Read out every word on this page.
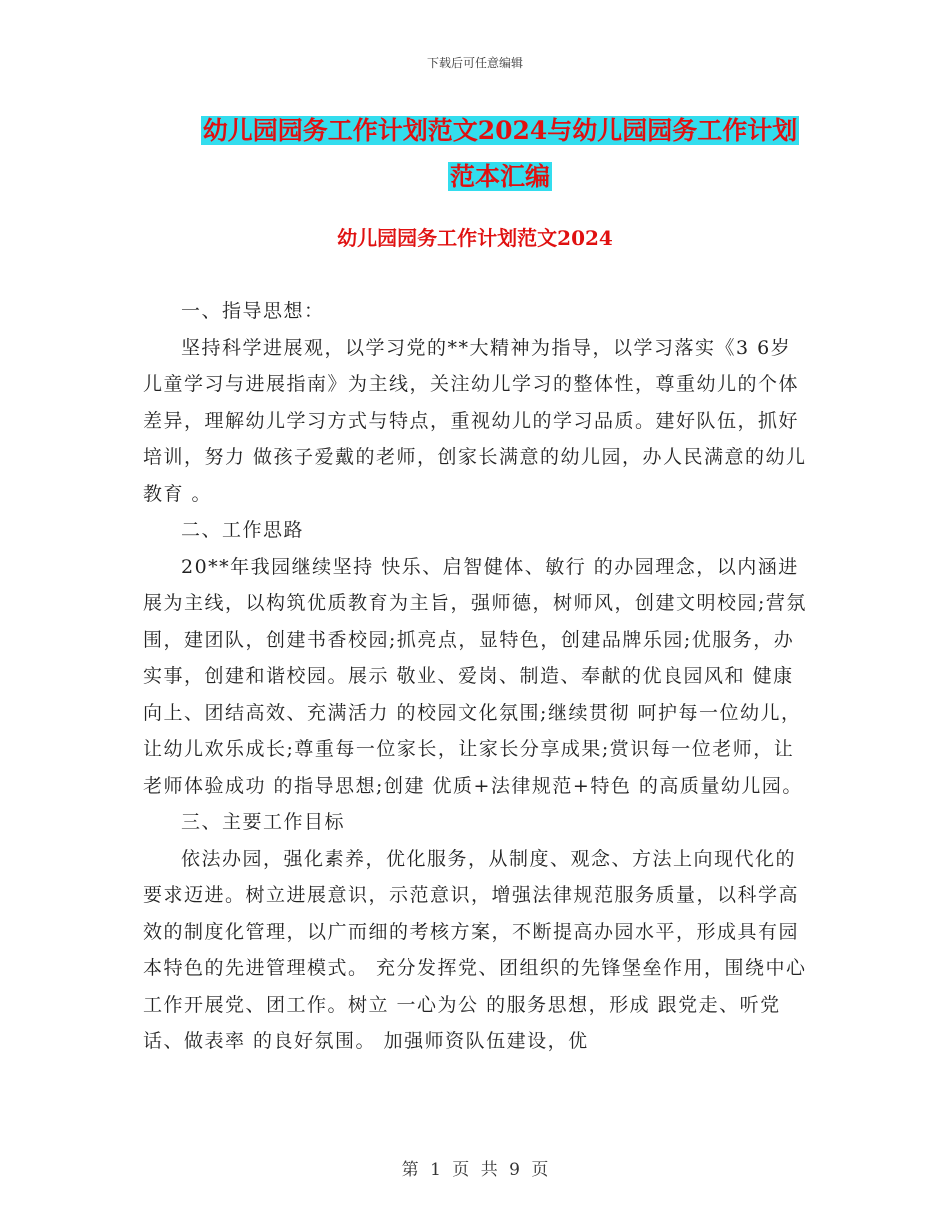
下载后可任意编辑
幼儿园园务工作计划范文2024与幼儿园园务工作计划
范本汇编
幼儿园园务工作计划范文2024

一、指导思想：

坚持科学进展观，以学习党的**大精神为指导，以学习落实《3 6岁儿童学习与进展指南》为主线，关注幼儿学习的整体性，尊重幼儿的个体差异，理解幼儿学习方式与特点，重视幼儿的学习品质。建好队伍，抓好培训，努力 做孩子爱戴的老师，创家长满意的幼儿园，办人民满意的幼儿教育 。

二、工作思路

20**年我园继续坚持 快乐、启智健体、敏行 的办园理念，以内涵进展为主线，以构筑优质教育为主旨，强师德，树师风，创建文明校园;营氛围，建团队，创建书香校园;抓亮点，显特色，创建品牌乐园;优服务，办实事，创建和谐校园。展示 敬业、爱岗、制造、奉献的优良园风和 健康向上、团结高效、充满活力 的校园文化氛围;继续贯彻 呵护每一位幼儿，让幼儿欢乐成长;尊重每一位家长，让家长分享成果;赏识每一位老师，让老师体验成功 的指导思想;创建 优质+法律规范+特色 的高质量幼儿园。

三、主要工作目标

依法办园，强化素养，优化服务，从制度、观念、方法上向现代化的要求迈进。树立进展意识，示范意识，增强法律规范服务质量，以科学高效的制度化管理，以广而细的考核方案，不断提高办园水平，形成具有园本特色的先进管理模式。 充分发挥党、团组织的先锋堡垒作用，围绕中心工作开展党、团工作。树立 一心为公 的服务思想，形成 跟党走、听党话、做表率 的良好氛围。 加强师资队伍建设，优

第 1 页 共 9 页
